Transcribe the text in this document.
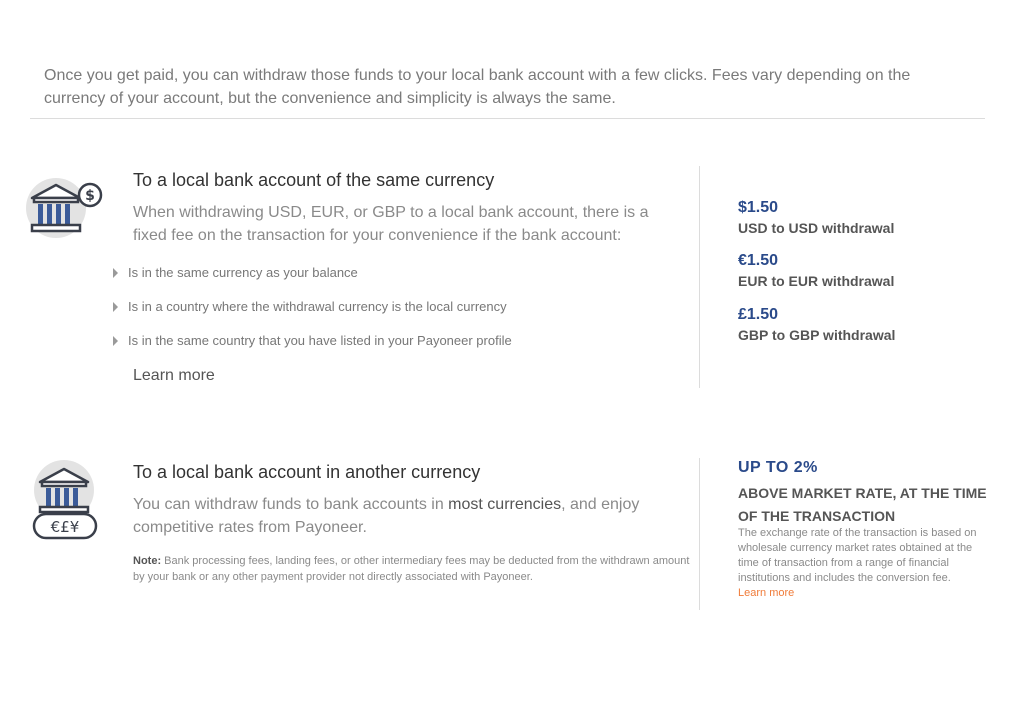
Once you get paid, you can withdraw those funds to your local bank account with a few clicks. Fees vary depending on the currency of your account, but the convenience and simplicity is always the same.

$
To a local bank account of the same currency

When withdrawing USD, EUR, or GBP to a local bank account, there is a fixed fee on the transaction for your convenience if the bank account:

Is in the same currency as your balance
Is in a country where the withdrawal currency is the local currency
Is in the same country that you have listed in your Payoneer profile
Learn more
$1.50
USD to USD withdrawal
€1.50
EUR to EUR withdrawal
£1.50
GBP to GBP withdrawal
€£¥
To a local bank account in another currency

You can withdraw funds to bank accounts in most currencies, and enjoy competitive rates from Payoneer.

Note: Bank processing fees, landing fees, or other intermediary fees may be deducted from the withdrawn amount by your bank or any other payment provider not directly associated with Payoneer.

UP TO 2%
ABOVE MARKET RATE, AT THE TIME OF THE TRANSACTION
The exchange rate of the transaction is based on wholesale currency market rates obtained at the time of transaction from a range of financial institutions and includes the conversion fee.
Learn more
